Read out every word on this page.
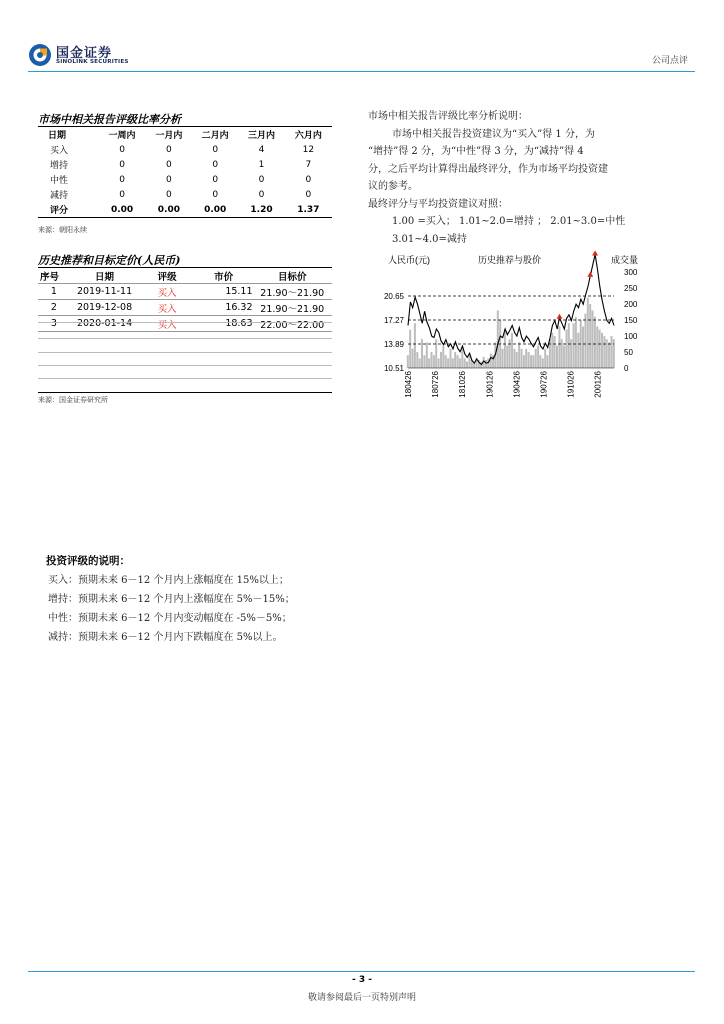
国金证券
SINOLINK SECURITIES	公司点评
市场中相关报告评级比率分析
日期	一周内	一月内	二月内	三月内	六月内
买入	0	0	0	4	12
增持	0	0	0	1	7
中性	0	0	0	0	0
减持	0	0	0	0	0
评分	0.00	0.00	0.00	1.20	1.37
来源：朝阳永续
历史推荐和目标定价(人民币)
序号	日期	评级	市价	目标价
1	2019-11-11	买入	15.11	21.90～21.90
2	2019-12-08	买入	16.32	21.90～21.90
3	2020-01-14	买入	18.63	22.00～22.00
来源：国金证券研究所
市场中相关报告评级比率分析说明：
市场中相关报告投资建议为“买入”得 1 分，为
“增持”得 2 分，为“中性”得 3 分，为“减持”得 4
分，之后平均计算得出最终评分，作为市场平均投资建
议的参考。
最终评分与平均投资建议对照：
1.00 =买入； 1.01~2.0=增持 ； 2.01~3.0=中性
3.01~4.0=减持
人民币(元)	历史推荐与股价	成交量
20.65
17.27
13.89
10.51
300
250
200
150
100
50
0
180426 180726 181026 190126 190426 190726 191026 200126
投资评级的说明：
买入：预期未来 6－12 个月内上涨幅度在 15%以上；
增持：预期未来 6－12 个月内上涨幅度在 5%－15%；
中性：预期未来 6－12 个月内变动幅度在 -5%－5%；
减持：预期未来 6－12 个月内下跌幅度在 5%以上。
- 3 -
敬请参阅最后一页特别声明
